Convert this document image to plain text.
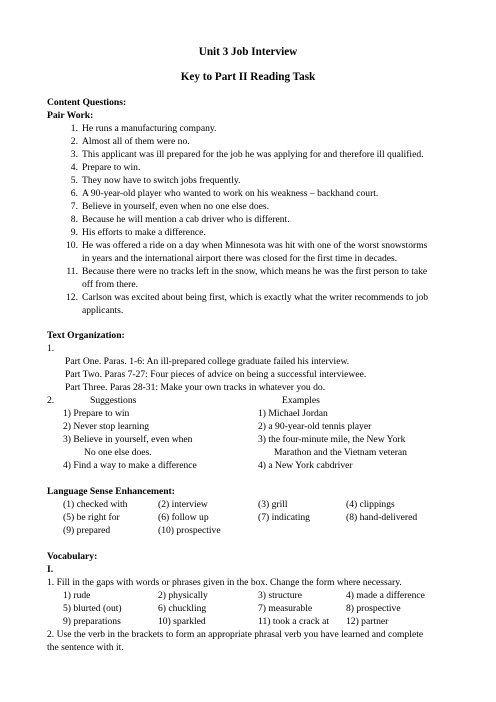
Unit 3 Job Interview
Key to Part II Reading Task
Content Questions:
Pair Work:
1. He runs a manufacturing company.
2. Almost all of them were no.
3. This applicant was ill prepared for the job he was applying for and therefore ill qualified.
4. Prepare to win.
5. They now have to switch jobs frequently.
6. A 90-year-old player who wanted to work on his weakness – backhand court.
7. Believe in yourself, even when no one else does.
8. Because he will mention a cab driver who is different.
9. His efforts to make a difference.
10. He was offered a ride on a day when Minnesota was hit with one of the worst snowstorms
in years and the international airport there was closed for the first time in decades.
11. Because there were no tracks left in the snow, which means he was the first person to take
off from there.
12. Carlson was excited about being first, which is exactly what the writer recommends to job
applicants.
Text Organization:
1.
Part One. Paras. 1-6: An ill-prepared college graduate failed his interview.
Part Two. Paras 7-27: Four pieces of advice on being a successful interviewee.
Part Three. Paras 28-31: Make your own tracks in whatever you do.
2.	Suggestions	Examples
1) Prepare to win	1) Michael Jordan
2) Never stop learning	2) a 90-year-old tennis player
3) Believe in yourself, even when	3) the four-minute mile, the New York
No one else does.	Marathon and the Vietnam veteran
4) Find a way to make a difference	4) a New York cabdriver
Language Sense Enhancement:
(1) checked with	(2) interview	(3) grill	(4) clippings
(5) be right for	(6) follow up	(7) indicating	(8) hand-delivered
(9) prepared	(10) prospective
Vocabulary:
I.
1. Fill in the gaps with words or phrases given in the box. Change the form where necessary.
1) rude	2) physically	3) structure	4) made a difference
5) blurted (out)	6) chuckling	7) measurable	8) prospective
9) preparations	10) sparkled	11) took a crack at 12) partner
2. Use the verb in the brackets to form an appropriate phrasal verb you have learned and complete
the sentence with it.
